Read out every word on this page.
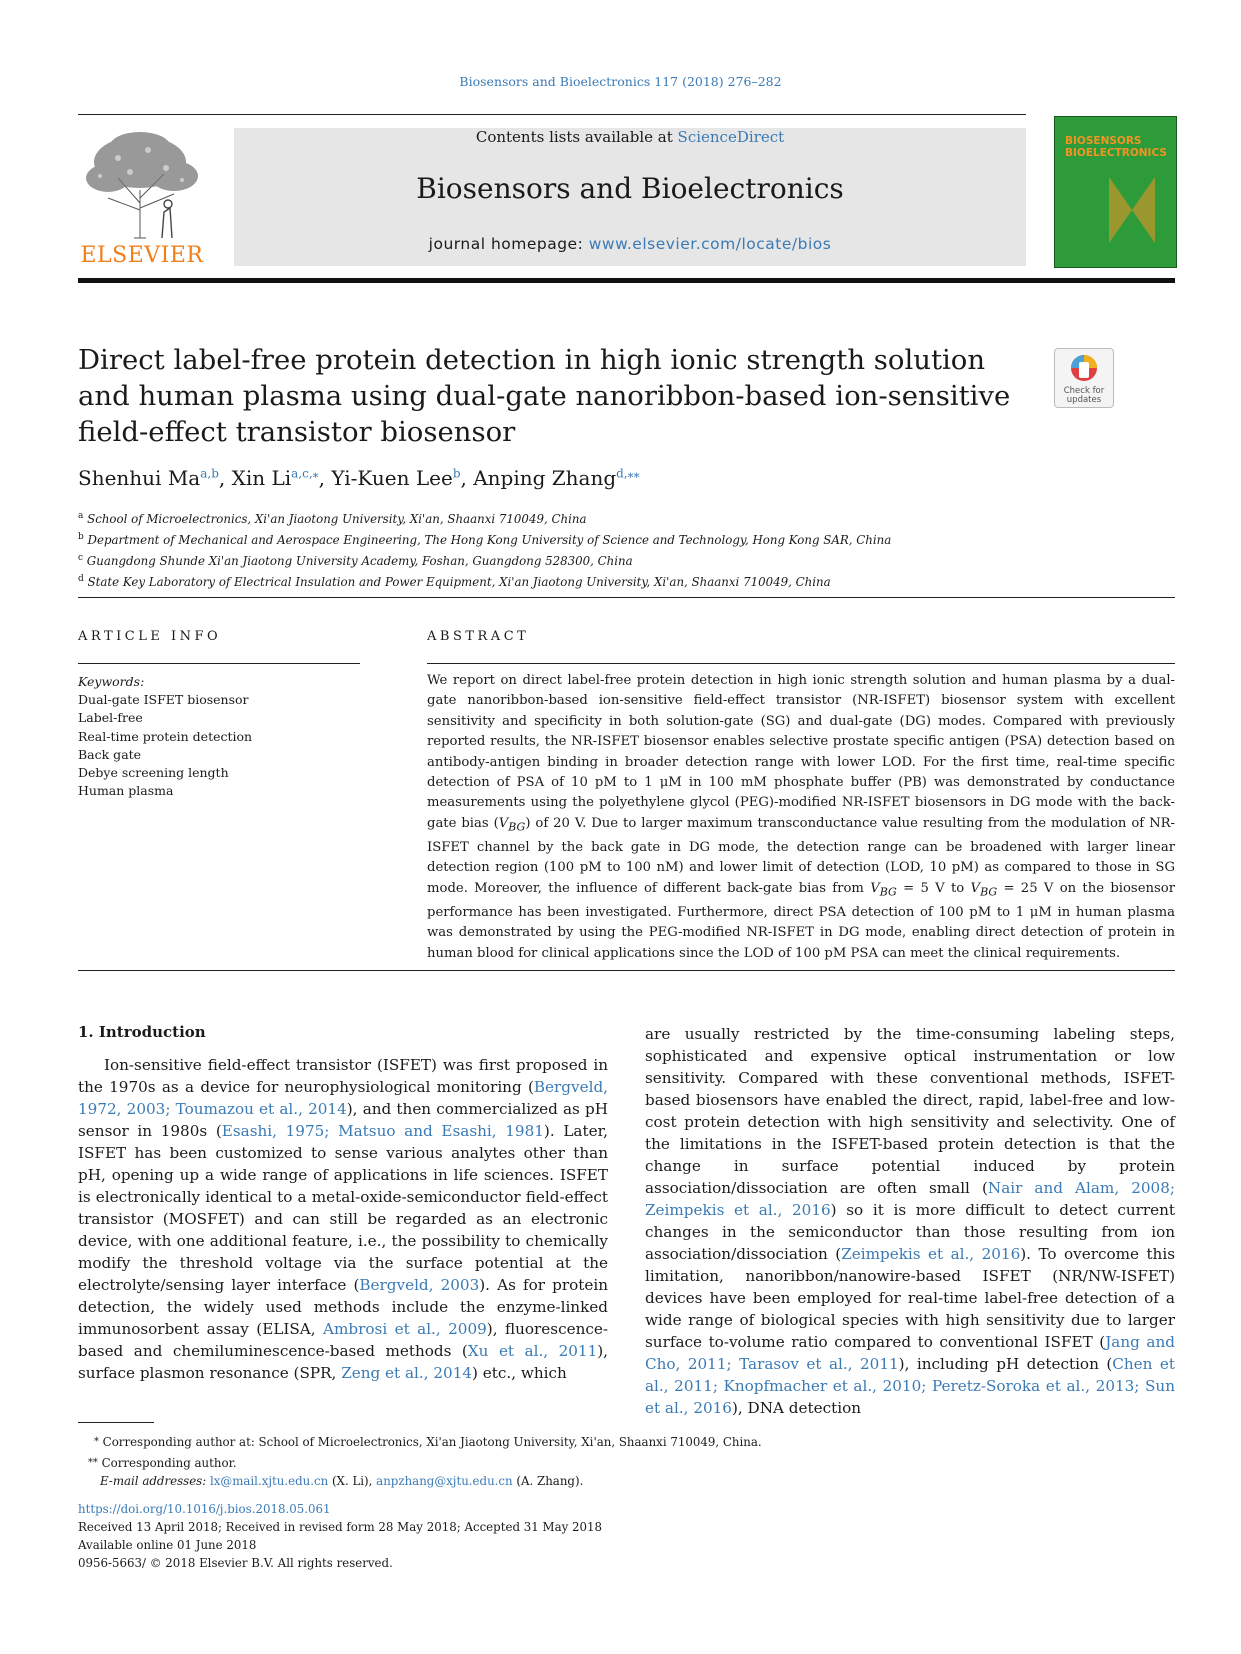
Biosensors and Bioelectronics 117 (2018) 276–282
ELSEVIER
Contents lists available at ScienceDirect
Biosensors and Bioelectronics
journal homepage: www.elsevier.com/locate/bios
BIOSENSORS BIOELECTRONICS
Direct label-free protein detection in high ionic strength solution and human plasma using dual-gate nanoribbon-based ion-sensitive field-effect transistor biosensor
Check for updates
Shenhui Ma$^{a,b}$, Xin $Li^{a,c,⁎}$, Yi-Kuen Lee$^b$, Anping Zhang$^{d,⁎⁎}$
$^a$ School of Microelectronics, Xi'an Jiaotong University, Xi'an, Shaanxi 710049, China
$^b$ Department of Mechanical and Aerospace Engineering, The Hong Kong University of Science and Technology, Hong Kong SAR, China
$^c$ Guangdong Shunde Xi'an Jiaotong University Academy, Foshan, Guangdong 528300, China
$^d$ State Key Laboratory of Electrical Insulation and Power Equipment, Xi'an Jiaotong University, Xi'an, Shaanxi 710049, China
ARTICLE INFO
Keywords:
Dual-gate ISFET biosensor
Label-free
Real-time protein detection
Back gate
Debye screening length
Human plasma
ABSTRACT
We report on direct label-free protein detection in high ionic strength solution and human plasma by a dual-gate nanoribbon-based ion-sensitive field-effect transistor (NR-ISFET) biosensor system with excellent sensitivity and specificity in both solution-gate (SG) and dual-gate (DG) modes. Compared with previously reported results, the NR-ISFET biosensor enables selective prostate specific antigen (PSA) detection based on antibody-antigen binding in broader detection range with lower LOD. For the first time, real-time specific detection of PSA of 10 pM to 1 μM in 100 mM phosphate buffer (PB) was demonstrated by conductance measurements using the polyethylene glycol (PEG)-modified NR-ISFET biosensors in DG mode with the back-gate bias $(V_{BG})$ of 20 V. Due to larger maximum transconductance value resulting from the modulation of NR-ISFET channel by the back gate in DG mode, the detection range can be broadened with larger linear detection region (100 pM to 100 nM) and lower limit of detection (LOD, 10 pM) as compared to those in SG mode. Moreover, the influence of different back-gate bias from $V_{BG} = 5$ V to $V_{BG} = 25$ V on the biosensor performance has been investigated. Furthermore, direct PSA detection of 100 pM to 1 μM in human plasma was demonstrated by using the PEG-modified NR-ISFET in DG mode, enabling direct detection of protein in human blood for clinical applications since the LOD of 100 pM PSA can meet the clinical requirements.
1. Introduction
Ion-sensitive field-effect transistor (ISFET) was first proposed in the 1970s as a device for neurophysiological monitoring (Bergveld, 1972, 2003; Toumazou et al., 2014), and then commercialized as pH sensor in 1980s (Esashi, 1975; Matsuo and Esashi, 1981). Later, ISFET has been customized to sense various analytes other than pH, opening up a wide range of applications in life sciences. ISFET is electronically identical to a metal-oxide-semiconductor field-effect transistor (MOSFET) and can still be regarded as an electronic device, with one additional feature, i.e., the possibility to chemically modify the threshold voltage via the surface potential at the electrolyte/sensing layer interface (Bergveld, 2003). As for protein detection, the widely used methods include the enzyme-linked immunosorbent assay (ELISA, Ambrosi et al., 2009), fluorescence-based and chemiluminescence-based methods (Xu et al., 2011), surface plasmon resonance (SPR, Zeng et al., 2014) etc., which
are usually restricted by the time-consuming labeling steps, sophisticated and expensive optical instrumentation or low sensitivity. Compared with these conventional methods, ISFET-based biosensors have enabled the direct, rapid, label-free and low-cost protein detection with high sensitivity and selectivity. One of the limitations in the ISFET-based protein detection is that the change in surface potential induced by protein association/dissociation are often small (Nair and Alam, 2008; Zeimpekis et al., 2016) so it is more difficult to detect current changes in the semiconductor than those resulting from ion association/dissociation (Zeimpekis et al., 2016). To overcome this limitation, nanoribbon/nanowire-based ISFET (NR/NW-ISFET) devices have been employed for real-time label-free detection of a wide range of biological species with high sensitivity due to larger surface to-volume ratio compared to conventional ISFET (Jang and Cho, 2011; Tarasov et al., 2011), including pH detection (Chen et al., 2011; Knopfmacher et al., 2010; Peretz-Soroka et al., 2013; Sun et al., 2016), DNA detection
⁎ Corresponding author at: School of Microelectronics, Xi'an Jiaotong University, Xi'an, Shaanxi 710049, China.
⁎⁎ Corresponding author.
E-mail addresses: lx@mail.xjtu.edu.cn (X. Li), anpzhang@xjtu.edu.cn (A. Zhang).
https://doi.org/10.1016/j.bios.2018.05.061
Received 13 April 2018; Received in revised form 28 May 2018; Accepted 31 May 2018
Available online 01 June 2018
0956-5663/ © 2018 Elsevier B.V. All rights reserved.
